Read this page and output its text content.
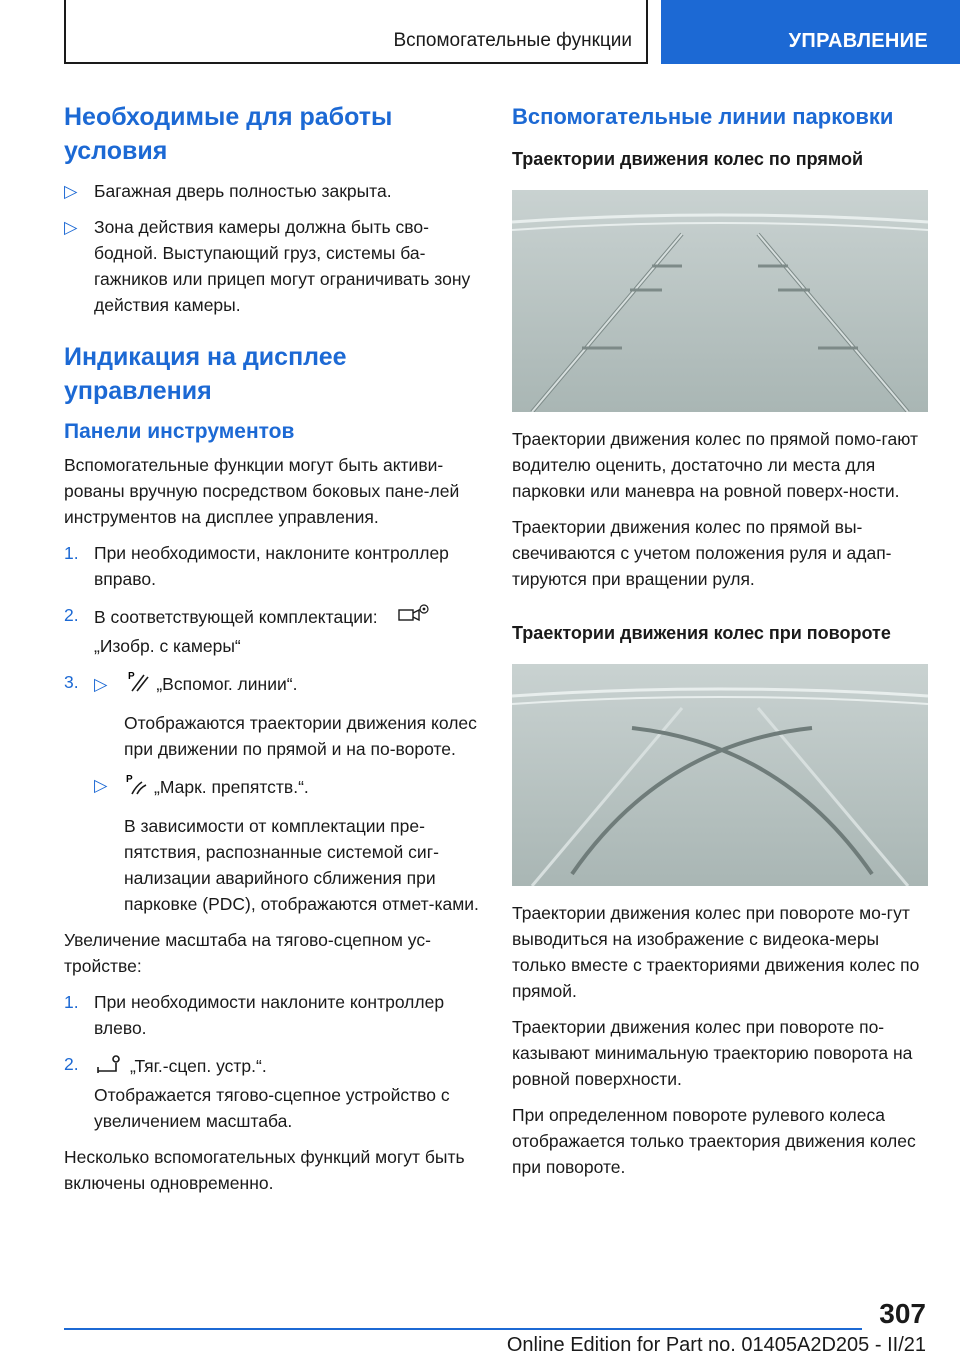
Вспомогательные функции	УПРАВЛЕНИЕ
Необходимые для работы условия
▷ Багажная дверь полностью закрыта.
▷ Зона действия камеры должна быть сво-бодной. Выступающий груз, системы ба-гажников или прицеп могут ограничивать зону действия камеры.
Индикация на дисплее управления
Панели инструментов

Вспомогательные функции могут быть активи-рованы вручную посредством боковых пане-лей инструментов на дисплее управления.

1. При необходимости, наклоните контроллер вправо.
2. В соответствующей комплектации:
„Изобр. с камеры“
3. ▷ P „Вспомог. линии“.
Отображаются траектории движения колес при движении по прямой и на по-вороте.
▷ P „Марк. препятств.“.
В зависимости от комплектации пре-пятствия, распознанные системой сиг-нализации аварийного сближения при парковке (PDC), отображаются отмет-ками.

Увеличение масштаба на тягово-сцепном ус-тройстве:

1. При необходимости наклоните контроллер влево.
2.	„Тяг.-сцеп. устр.“.
Отображается тягово-сцепное устройство с увеличением масштаба.

Несколько вспомогательных функций могут быть включены одновременно.

Вспомогательные линии парковки
Траектории движения колес по прямой

Траектории движения колес по прямой помо-гают водителю оценить, достаточно ли места для парковки или маневра на ровной поверх-ности.

Траектории движения колес по прямой вы-свечиваются с учетом положения руля и адап-тируются при вращении руля.

Траектории движения колес при повороте

Траектории движения колес при повороте мо-гут выводиться на изображение с видеока-меры только вместе с траекториями движения колес по прямой.

Траектории движения колес при повороте по-казывают минимальную траекторию поворота на ровной поверхности.

При определенном повороте рулевого колеса отображается только траектория движения колес при повороте.

307
Online Edition for Part no. 01405A2D205 - II/21
